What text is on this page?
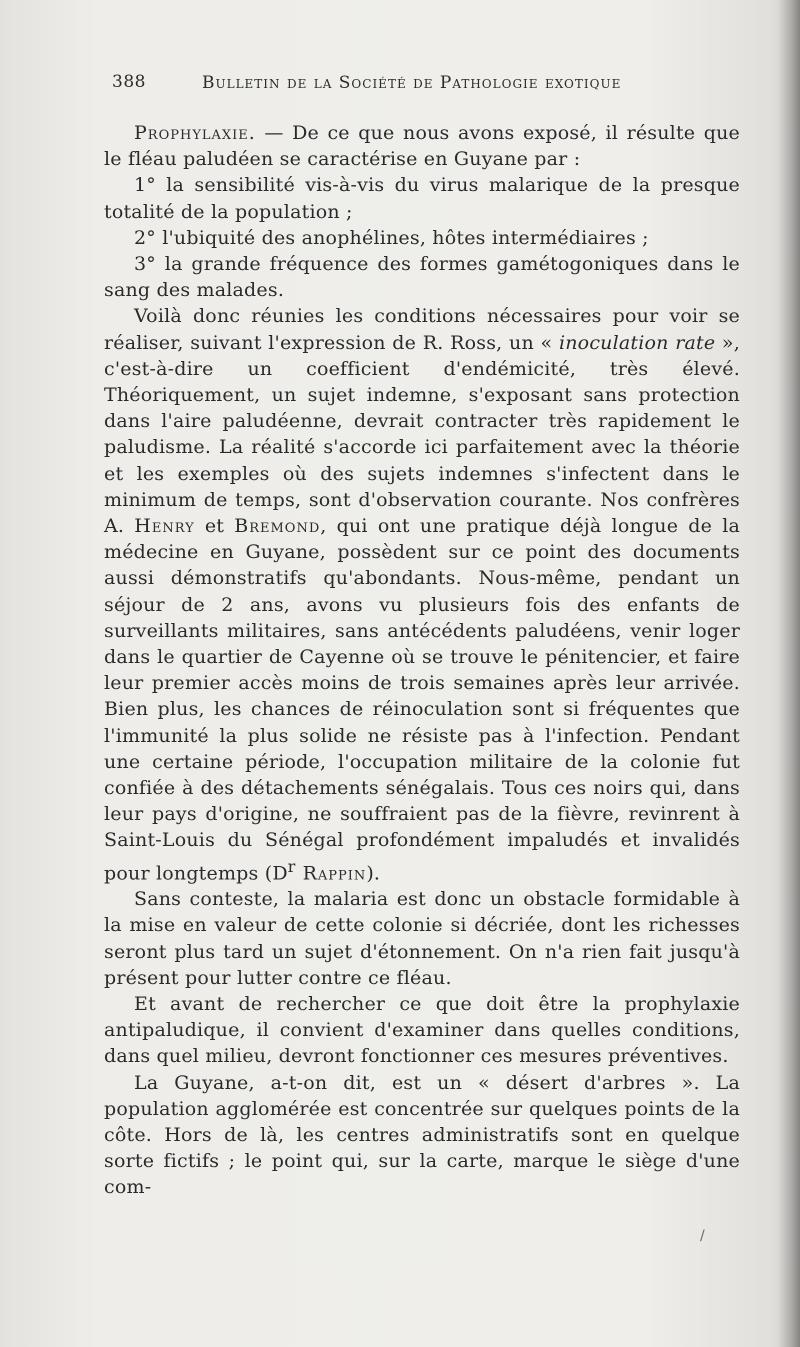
388	Bulletin de la Société de Pathologie exotique

Prophylaxie. — De ce que nous avons exposé, il résulte que le fléau paludéen se caractérise en Guyane par :

1° la sensibilité vis-à-vis du virus malarique de la presque totalité de la population ;

2° l'ubiquité des anophélines, hôtes intermédiaires ;

3° la grande fréquence des formes gamétogoniques dans le sang des malades.

Voilà donc réunies les conditions nécessaires pour voir se réaliser, suivant l'expression de R. Ross, un « inoculation rate », c'est-à-dire un coefficient d'endémicité, très élevé. Théoriquement, un sujet indemne, s'exposant sans protection dans l'aire paludéenne, devrait contracter très rapidement le paludisme. La réalité s'accorde ici parfaitement avec la théorie et les exemples où des sujets indemnes s'infectent dans le minimum de temps, sont d'observation courante. Nos confrères A. Henry et Bremond, qui ont une pratique déjà longue de la médecine en Guyane, possèdent sur ce point des documents aussi démonstratifs qu'abondants. Nous-même, pendant un séjour de 2 ans, avons vu plusieurs fois des enfants de surveillants militaires, sans antécédents paludéens, venir loger dans le quartier de Cayenne où se trouve le pénitencier, et faire leur premier accès moins de trois semaines après leur arrivée. Bien plus, les chances de réinoculation sont si fréquentes que l'immunité la plus solide ne résiste pas à l'infection. Pendant une certaine période, l'occupation militaire de la colonie fut confiée à des détachements sénégalais. Tous ces noirs qui, dans leur pays d'origine, ne souffraient pas de la fièvre, revinrent à Saint-Louis du Sénégal profondément impaludés et invalidés pour longtemps ($D^r$ Rappin).

Sans conteste, la malaria est donc un obstacle formidable à la mise en valeur de cette colonie si décriée, dont les richesses seront plus tard un sujet d'étonnement. On n'a rien fait jusqu'à présent pour lutter contre ce fléau.

Et avant de rechercher ce que doit être la prophylaxie antipaludique, il convient d'examiner dans quelles conditions, dans quel milieu, devront fonctionner ces mesures préventives.

La Guyane, a-t-on dit, est un « désert d'arbres ». La population agglomérée est concentrée sur quelques points de la côte. Hors de là, les centres administratifs sont en quelque sorte fictifs ; le point qui, sur la carte, marque le siège d'une com-

/
